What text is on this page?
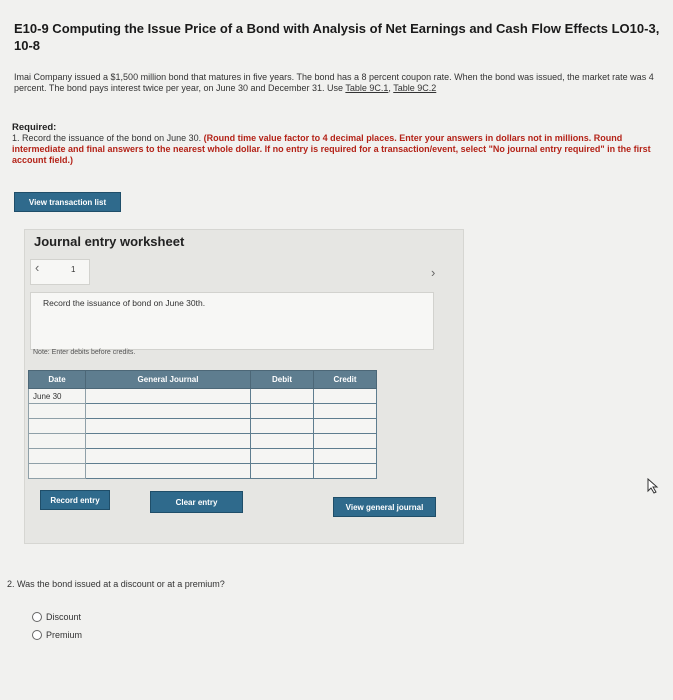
E10-9 Computing the Issue Price of a Bond with Analysis of Net Earnings and Cash Flow Effects LO10-3, 10-8
Imai Company issued a $1,500 million bond that matures in five years. The bond has a 8 percent coupon rate. When the bond was issued, the market rate was 4 percent. The bond pays interest twice per year, on June 30 and December 31. Use Table 9C.1, Table 9C.2
Required:
1. Record the issuance of the bond on June 30. (Round time value factor to 4 decimal places. Enter your answers in dollars not in millions. Round intermediate and final answers to the nearest whole dollar. If no entry is required for a transaction/event, select "No journal entry required" in the first account field.)
View transaction list
Journal entry worksheet
‹	1	›
Record the issuance of bond on June 30th.
Note: Enter debits before credits.
Date	General Journal	Debit	Credit
June 30			

Record entry	Clear entry
View general journal
2. Was the bond issued at a discount or at a premium?
Discount
Premium
